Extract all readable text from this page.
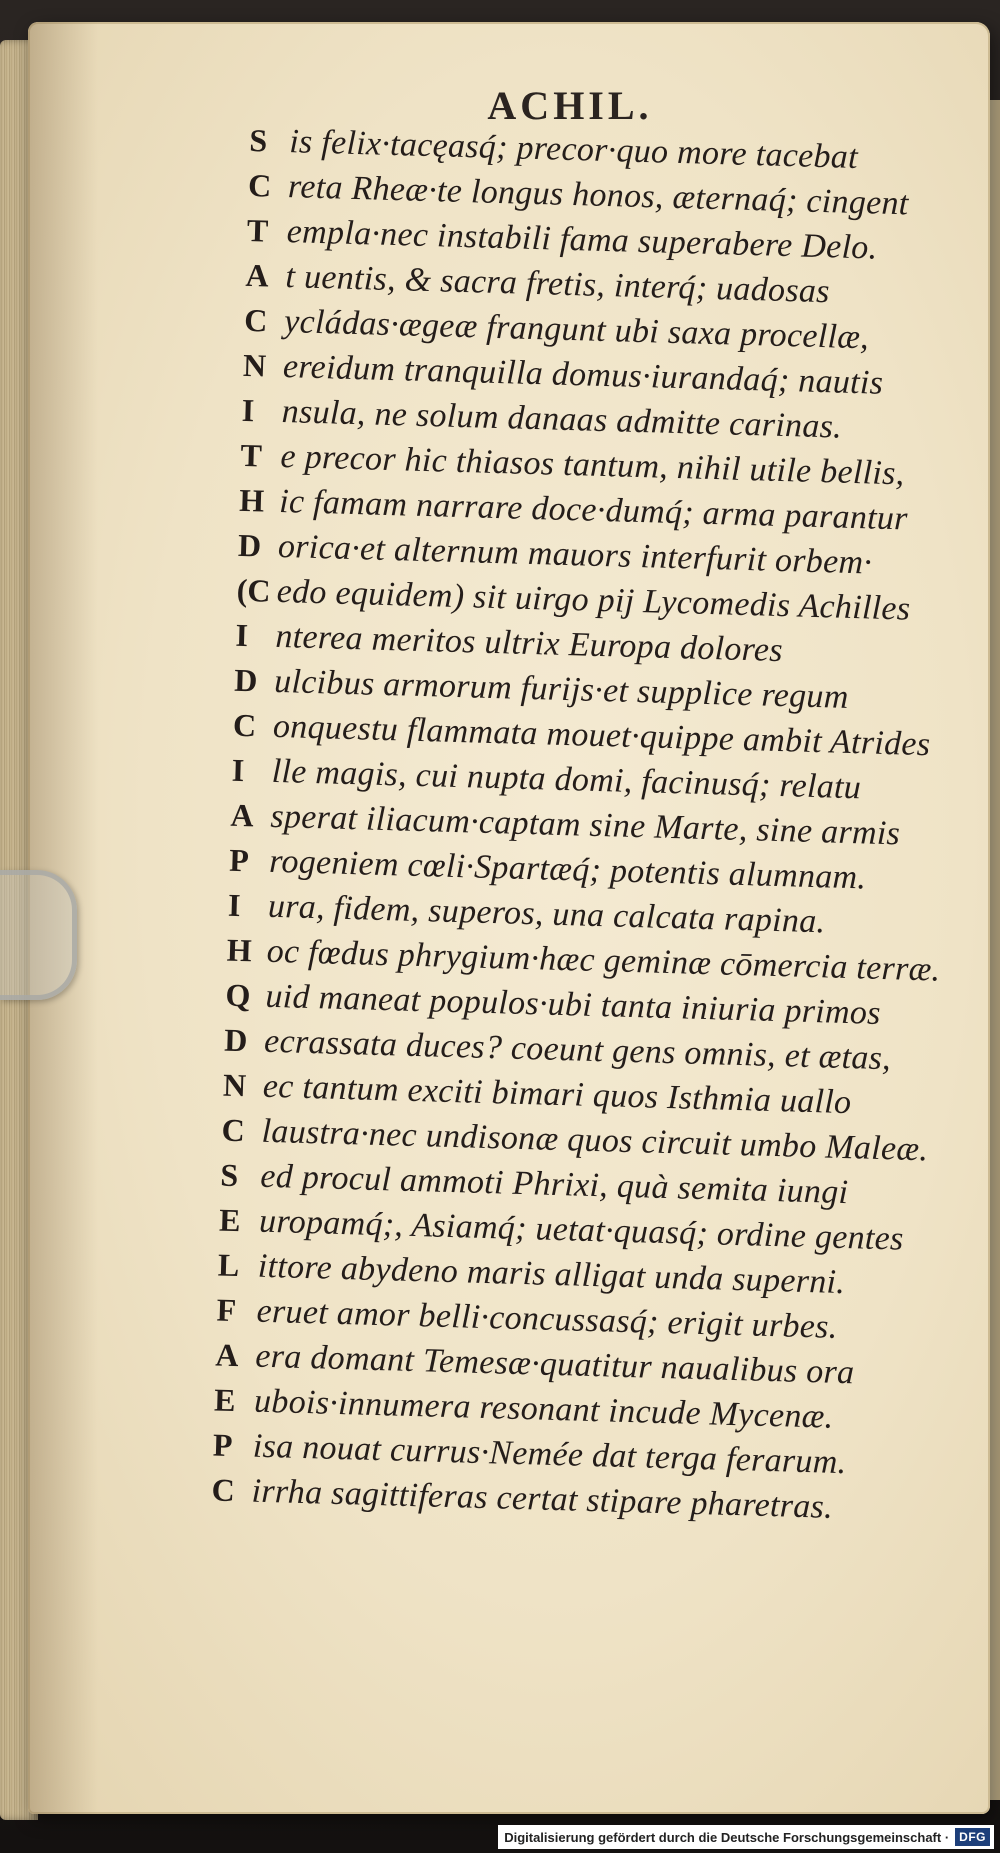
ACHIL.
S is felix·tacęasq́; precor·quo more tacebat
C reta Rheæ·te longus honos, æternaq́; cingent
T empla·nec instabili fama superabere Delo.
A t uentis, & sacra fretis, interq́; uadosas
C ycládas·ægeæ frangunt ubi saxa procellæ,
N ereidum tranquilla domus·iurandaq́; nautis
I nsula, ne solum danaas admitte carinas.
T e precor hic thiasos tantum, nihil utile bellis,
H ic famam narrare doce·dumq́; arma parantur
D orica·et alternum mauors interfurit orbem·
(C edo equidem) sit uirgo pij Lycomedis Achilles
I nterea meritos ultrix Europa dolores
D ulcibus armorum furijs·et supplice regum
C onquestu flammata mouet·quippe ambit Atrides
I lle magis, cui nupta domi, facinusq́; relatu
A sperat iliacum·captam sine Marte, sine armis
P rogeniem cœli·Spartæq́; potentis alumnam.
I ura, fidem, superos, una calcata rapina.
H oc fœdus phrygium·hæc geminæ cōmercia terræ.
Q uid maneat populos·ubi tanta iniuria primos
D ecrassata duces? coeunt gens omnis, et ætas,
N ec tantum exciti bimari quos Isthmia uallo
C laustra·nec undisonæ quos circuit umbo Maleæ.
S ed procul ammoti Phrixi, quà semita iungi
E uropamq́;, Asiamq́; uetat·quasq́; ordine gentes
L ittore abydeno maris alligat unda superni.
F eruet amor belli·concussasq́; erigit urbes.
A era domant Temesæ·quatitur naualibus ora
E ubois·innumera resonant incude Mycenæ.
P isa nouat currus·Nemée dat terga ferarum.
C irrha sagittiferas certat stipare pharetras.
Digitalisierung gefördert durch die Deutsche Forschungsgemeinschaft · DFG
